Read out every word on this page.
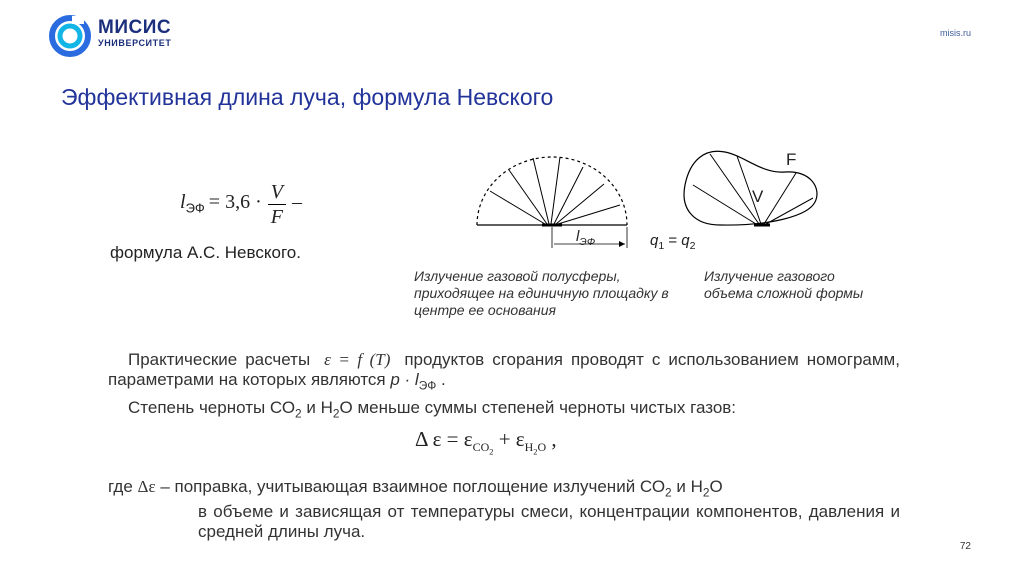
МИСИС
УНИВЕРСИТЕТ
misis.ru
Эффективная длина луча, формула Невского
$l_{ЭФ} = 3,6 \cdot \frac{V}{F}$ –
формула А.С. Невского.
$l_{ЭФ}$	$q_1 = q_2$
V
F
Излучение газовой полусферы, приходящее на единичную площадку в центре ее основания
Излучение газового объема сложной формы
Практические расчеты ε = f (T) продуктов сгорания проводят с использованием номограмм, параметрами на которых являются $p \cdot l_{ЭФ}$ .
Степень черноты $СО_2$ и $Н_2О$ меньше суммы степеней черноты чистых газов:
Δ $\varepsilon = \varepsilon_{CO_2} + \varepsilon_{H_2O}$ ,
где Δε – поправка, учитывающая взаимное поглощение излучений $СО_2$ и $Н_2О$
в объеме и зависящая от температуры смеси, концентрации компонентов, давления и средней длины луча.
72
